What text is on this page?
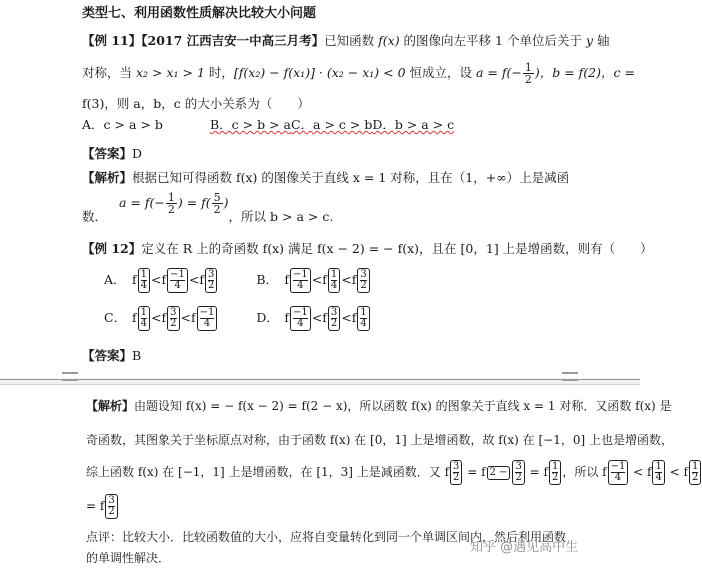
类型七、利用函数性质解决比较大小问题
【例 11】【2017 江西吉安一中高三月考】已知函数 f(x) 的图像向左平移 1 个单位后关于 y 轴
对称，当 x₂ > x₁ > 1 时，[f(x₂) − f(x₁)] · (x₂ − x₁) < 0 恒成立，设 $a = f(- \frac{1}{2}$ )，b = f(2)，c =
f(3)，则 a，b，c 的大小关系为（　　）
A．c > a > b	B．c > b > aC．a > c > bD．b > a > c
【答案】D
【解析】根据已知可得函数 f(x) 的图像关于直线 x = 1 对称，且在（1，+∞）上是减函
数． $a = f(- \frac{1}{2}$ ) = $f( \frac{5}{2}$ ) ，所以 b > a > c.
【例 12】定义在 R 上的奇函数 f(x) 满足 f(x − 2) = − f(x)，且在 [0，1] 上是增函数，则有（　　）
A． f $\frac{1}{4} <f \frac{-1}{4} <f \frac{3}{2}$	B． f $\frac{-1}{4} <f \frac{1}{4} <f \frac{3}{2}$
C． f $\frac{1}{4} <f \frac{3}{2} <f \frac{-1}{4}$	D． f $\frac{-1}{4} <f \frac{3}{2} <f \frac{1}{4}$
【答案】B
【解析】由题设知 f(x) = − f(x − 2) = f(2 − x)，所以函数 f(x) 的图象关于直线 x = 1 对称．又函数 f(x) 是
奇函数，其图象关于坐标原点对称，由于函数 f(x) 在 [0，1] 上是增函数，故 f(x) 在 [−1，0] 上也是增函数，
综上函数 f(x) 在 [−1，1] 上是增函数，在 [1，3] 上是减函数．又 f $\frac{3}{2} = f$ $2 - \frac{3}{2} = f \frac{1}{2}$ ，所以 f $\frac{-1}{4} < f \frac{1}{4} < f \frac{1}{2}$
= f $\frac{3}{2}$
点评：比较大小．比较函数值的大小，应将自变量转化到同一个单调区间内，然后利用函数
的单调性解决．
知乎 @遇见高中生
